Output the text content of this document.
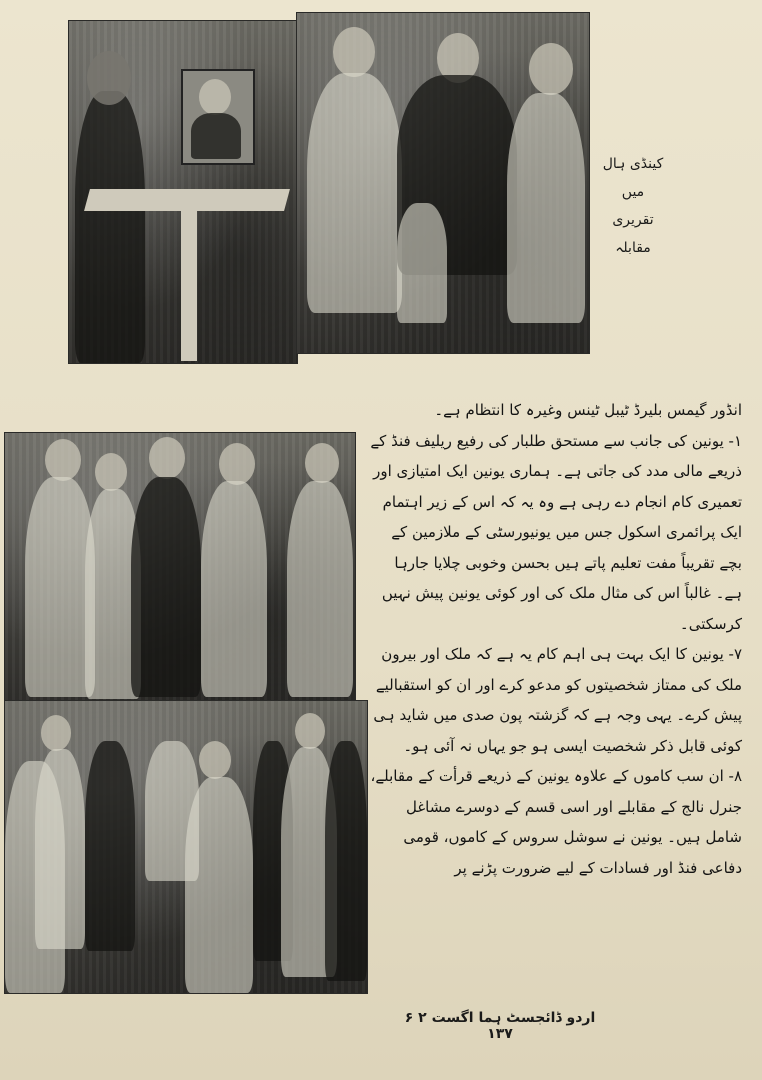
کینڈی ہال
میں
تقریری
مقابلہ

انڈور گیمس بلیرڈ ٹیبل ٹینس وغیرہ کا انتظام ہے۔

۱- یونین کی جانب سے مستحق طلبار کی رفیع ریلیف فنڈ کے ذریعے مالی مدد کی جاتی ہے۔ ہماری یونین ایک امتیازی اور تعمیری کام انجام دے رہی ہے وہ یہ کہ اس کے زیر اہتمام ایک پرائمری اسکول جس میں یونیورسٹی کے ملازمین کے بچے تقریباً مفت تعلیم پاتے ہیں بحسن وخوبی چلایا جارہا ہے۔ غالباً اس کی مثال ملک کی اور کوئی یونین پیش نہیں کرسکتی۔

۷- یونین کا ایک بہت ہی اہم کام یہ ہے کہ ملک اور بیرون ملک کی ممتاز شخصیتوں کو مدعو کرے اور ان کو استقبالیے پیش کرے۔ یہی وجہ ہے کہ گزشتہ پون صدی میں شاید ہی کوئی قابل ذکر شخصیت ایسی ہو جو یہاں نہ آئی ہو۔

۸- ان سب کاموں کے علاوہ یونین کے ذریعے قرأت کے مقابلے، جنرل نالج کے مقابلے اور اسی قسم کے دوسرے مشاغل شامل ہیں۔ یونین نے سوشل سروس کے کاموں، قومی دفاعی فنڈ اور فسادات کے لیے ضرورت پڑنے پر

اردو ڈائجسٹ ہما اگست ۲ ۶ ۱۳۷
